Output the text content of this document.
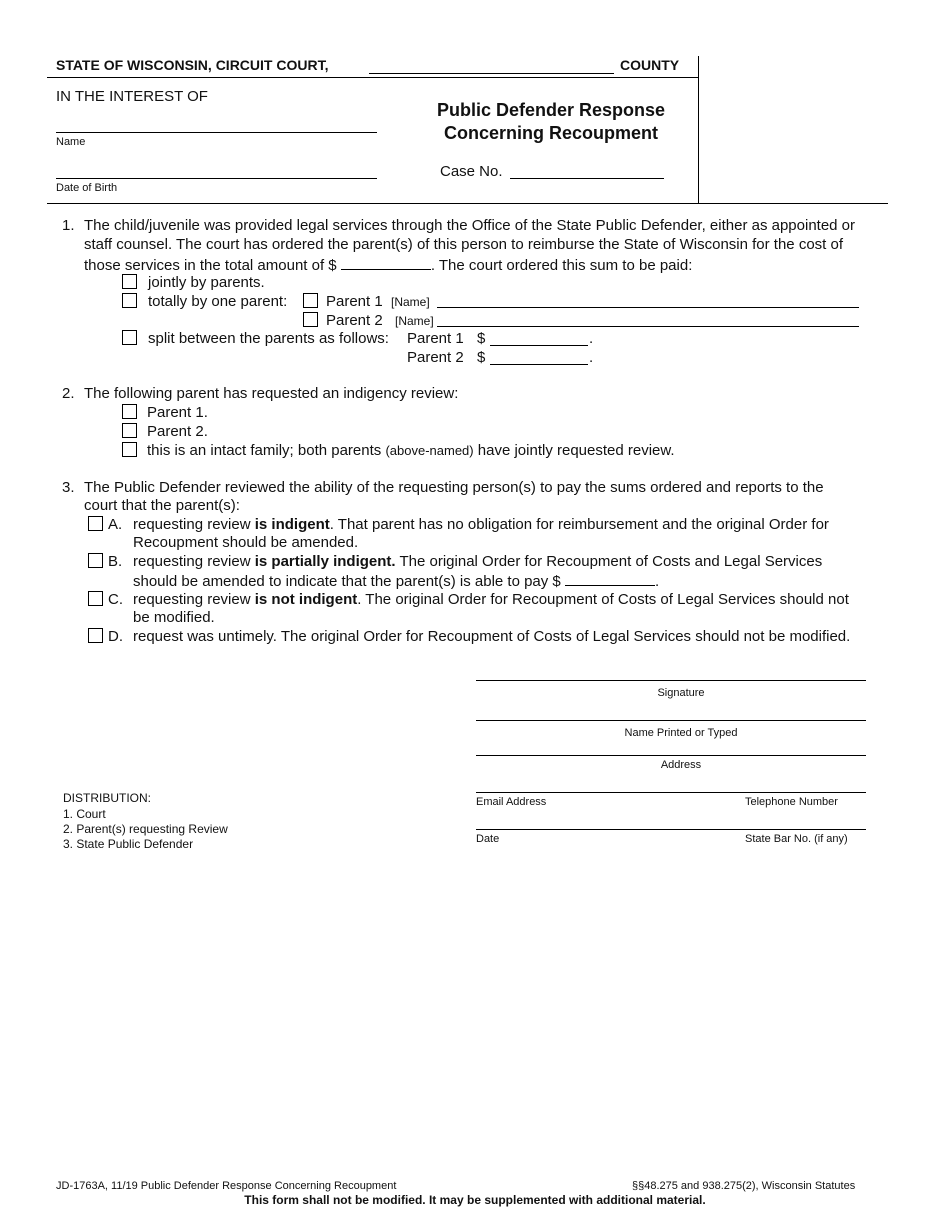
STATE OF WISCONSIN, CIRCUIT COURT,	COUNTY
IN THE INTEREST OF
Name
Date of Birth
Public Defender Response
Concerning Recoupment
Case No.
1. The child/juvenile was provided legal services through the Office of the State Public Defender, either as appointed or
staff counsel. The court has ordered the parent(s) of this person to reimburse the State of Wisconsin for the cost of
those services in the total amount of $	. The court ordered this sum to be paid:
jointly by parents.
totally by one parent:	Parent 1 [Name]
Parent 2 [Name]
split between the parents as follows: Parent 1 $	.
Parent 2 $	.
2. The following parent has requested an indigency review:
Parent 1.
Parent 2.
this is an intact family; both parents (above-named) have jointly requested review.
3. The Public Defender reviewed the ability of the requesting person(s) to pay the sums ordered and reports to the
court that the parent(s):
A. requesting review is indigent. That parent has no obligation for reimbursement and the original Order for
Recoupment should be amended.
B. requesting review is partially indigent. The original Order for Recoupment of Costs and Legal Services
should be amended to indicate that the parent(s) is able to pay $	.
C. requesting review is not indigent. The original Order for Recoupment of Costs of Legal Services should not
be modified.
D. request was untimely. The original Order for Recoupment of Costs of Legal Services should not be modified.
Signature
Name Printed or Typed
Address
Email Address	Telephone Number
Date	State Bar No. (if any)
DISTRIBUTION:
1. Court
2. Parent(s) requesting Review
3. State Public Defender
JD-1763A, 11/19 Public Defender Response Concerning Recoupment	§§48.275 and 938.275(2), Wisconsin Statutes
This form shall not be modified. It may be supplemented with additional material.
